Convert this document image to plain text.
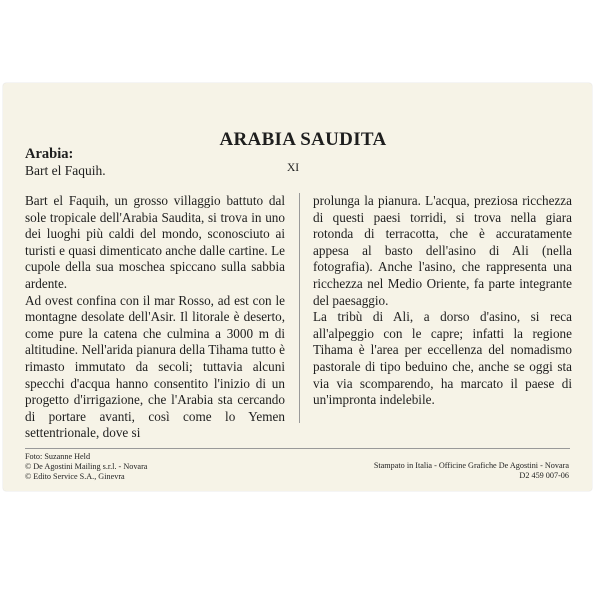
ARABIA SAUDITA
Arabia:
Bart el Faquih.	XI

Bart el Faquih, un grosso villaggio battuto dal sole tropicale dell'Arabia Saudita, si trova in uno dei luoghi più caldi del mondo, sconosciuto ai turisti e quasi dimenticato anche dalle cartine. Le cupole della sua moschea spiccano sulla sabbia ardente.

Ad ovest confina con il mar Rosso, ad est con le montagne desolate dell'Asir. Il litorale è deserto, come pure la catena che culmina a 3000 m di altitudine. Nell'arida pianura della Tihama tutto è rimasto immutato da secoli; tuttavia alcuni specchi d'acqua hanno consentito l'inizio di un progetto d'irrigazione, che l'Arabia sta cercando di portare avanti, così come lo Yemen settentrionale, dove si

prolunga la pianura. L'acqua, preziosa ricchezza di questi paesi torridi, si trova nella giara rotonda di terracotta, che è accuratamente appesa al basto dell'asino di Ali (nella fotografia). Anche l'asino, che rappresenta una ricchezza nel Medio Oriente, fa parte integrante del paesaggio.

La tribù di Ali, a dorso d'asino, si reca all'alpeggio con le capre; infatti la regione Tihama è l'area per eccellenza del nomadismo pastorale di tipo beduino che, anche se oggi sta via via scomparendo, ha marcato il paese di un'impronta indelebile.

Foto: Suzanne Held
© De Agostini Mailing s.r.l. - Novara
© Edito Service S.A., Ginevra
Stampato in Italia - Officine Grafiche De Agostini - Novara
D2 459 007-06
